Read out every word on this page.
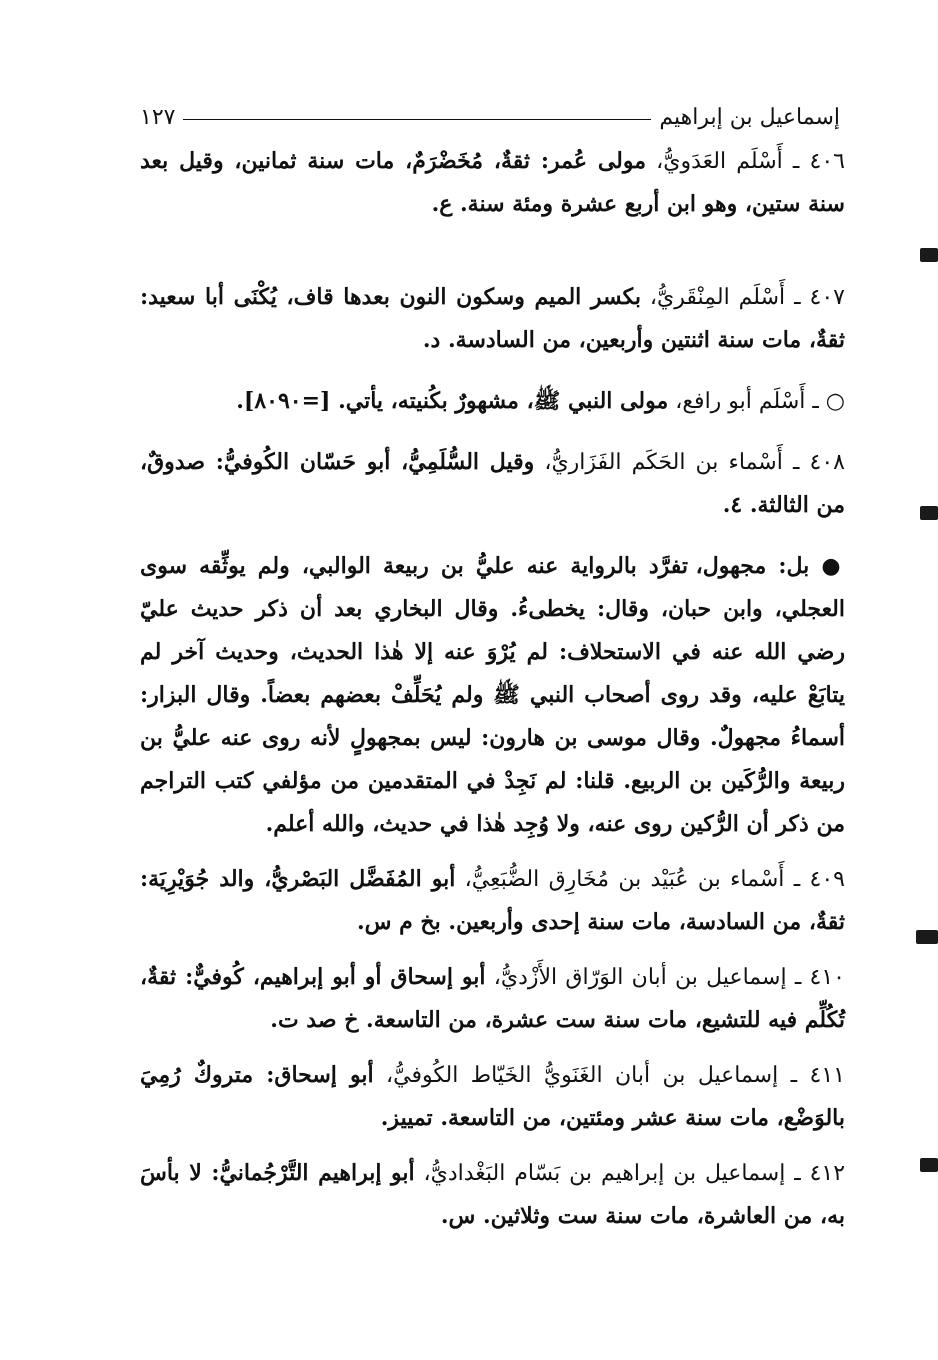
إسماعيل بن إبراهيم
١٢٧

٤٠٦ ـ أَسْلَم العَدَويُّ، مولى عُمر: ثقةٌ، مُخَضْرَمٌ، مات سنة ثمانين، وقيل بعد سنة ستين، وهو ابن أربع عشرة ومئة سنة. ع.

٤٠٧ ـ أَسْلَم المِنْقَريُّ، بكسر الميم وسكون النون بعدها قاف، يُكْنَى أبا سعيد: ثقةٌ، مات سنة اثنتين وأربعين، من السادسة. د.

○ ـ أَسْلَم أبو رافع، مولى النبي ﷺ، مشهورٌ بكُنيته، يأتي. [=٨٠٩٠].

٤٠٨ ـ أَسْماء بن الحَكَم الفَزَاريُّ، وقيل السُّلَمِيُّ، أبو حَسّان الكُوفيُّ: صدوقٌ، من الثالثة. ٤.

● بل: مجهول، تفرَّد بالرواية عنه عليُّ بن ربيعة الوالبي، ولم يوثِّقه سوى العجلي، وابن حبان، وقال: يخطىءُ. وقال البخاري بعد أن ذكر حديث عليّ رضي الله عنه في الاستحلاف: لم يُرْوَ عنه إلا هٰذا الحديث، وحديث آخر لم يتابَعْ عليه، وقد روى أصحاب النبي ﷺ ولم يُحَلِّفْ بعضهم بعضاً. وقال البزار: أسماءُ مجهولٌ. وقال موسى بن هارون: ليس بمجهولٍ لأنه روى عنه عليُّ بن ربيعة والرُّكَين بن الربيع. قلنا: لم نَجِدْ في المتقدمين من مؤلفي كتب التراجم من ذكر أن الرُّكين روى عنه، ولا وُجِد هٰذا في حديث، والله أعلم.

٤٠٩ ـ أَسْماء بن عُبَيْد بن مُخَارِق الضُّبَعِيُّ، أبو المُفَضَّل البَصْريُّ، والد جُوَيْرِيَة: ثقةٌ، من السادسة، مات سنة إحدى وأربعين. بخ م س.

٤١٠ ـ إسماعيل بن أبان الوَرّاق الأَزْديُّ، أبو إسحاق أو أبو إبراهيم، كُوفيٌّ: ثقةٌ، تُكُلِّم فيه للتشيع، مات سنة ست عشرة، من التاسعة. خ صد ت.

٤١١ ـ إسماعيل بن أبان الغَنَويُّ الخَيّاط الكُوفيُّ، أبو إسحاق: متروكٌ رُمِيَ بالوَضْع، مات سنة عشر ومئتين، من التاسعة. تمييز.

٤١٢ ـ إسماعيل بن إبراهيم بن بَسّام البَغْداديُّ، أبو إبراهيم التَّرْجُمانيُّ: لا بأسَ به، من العاشرة، مات سنة ست وثلاثين. س.
